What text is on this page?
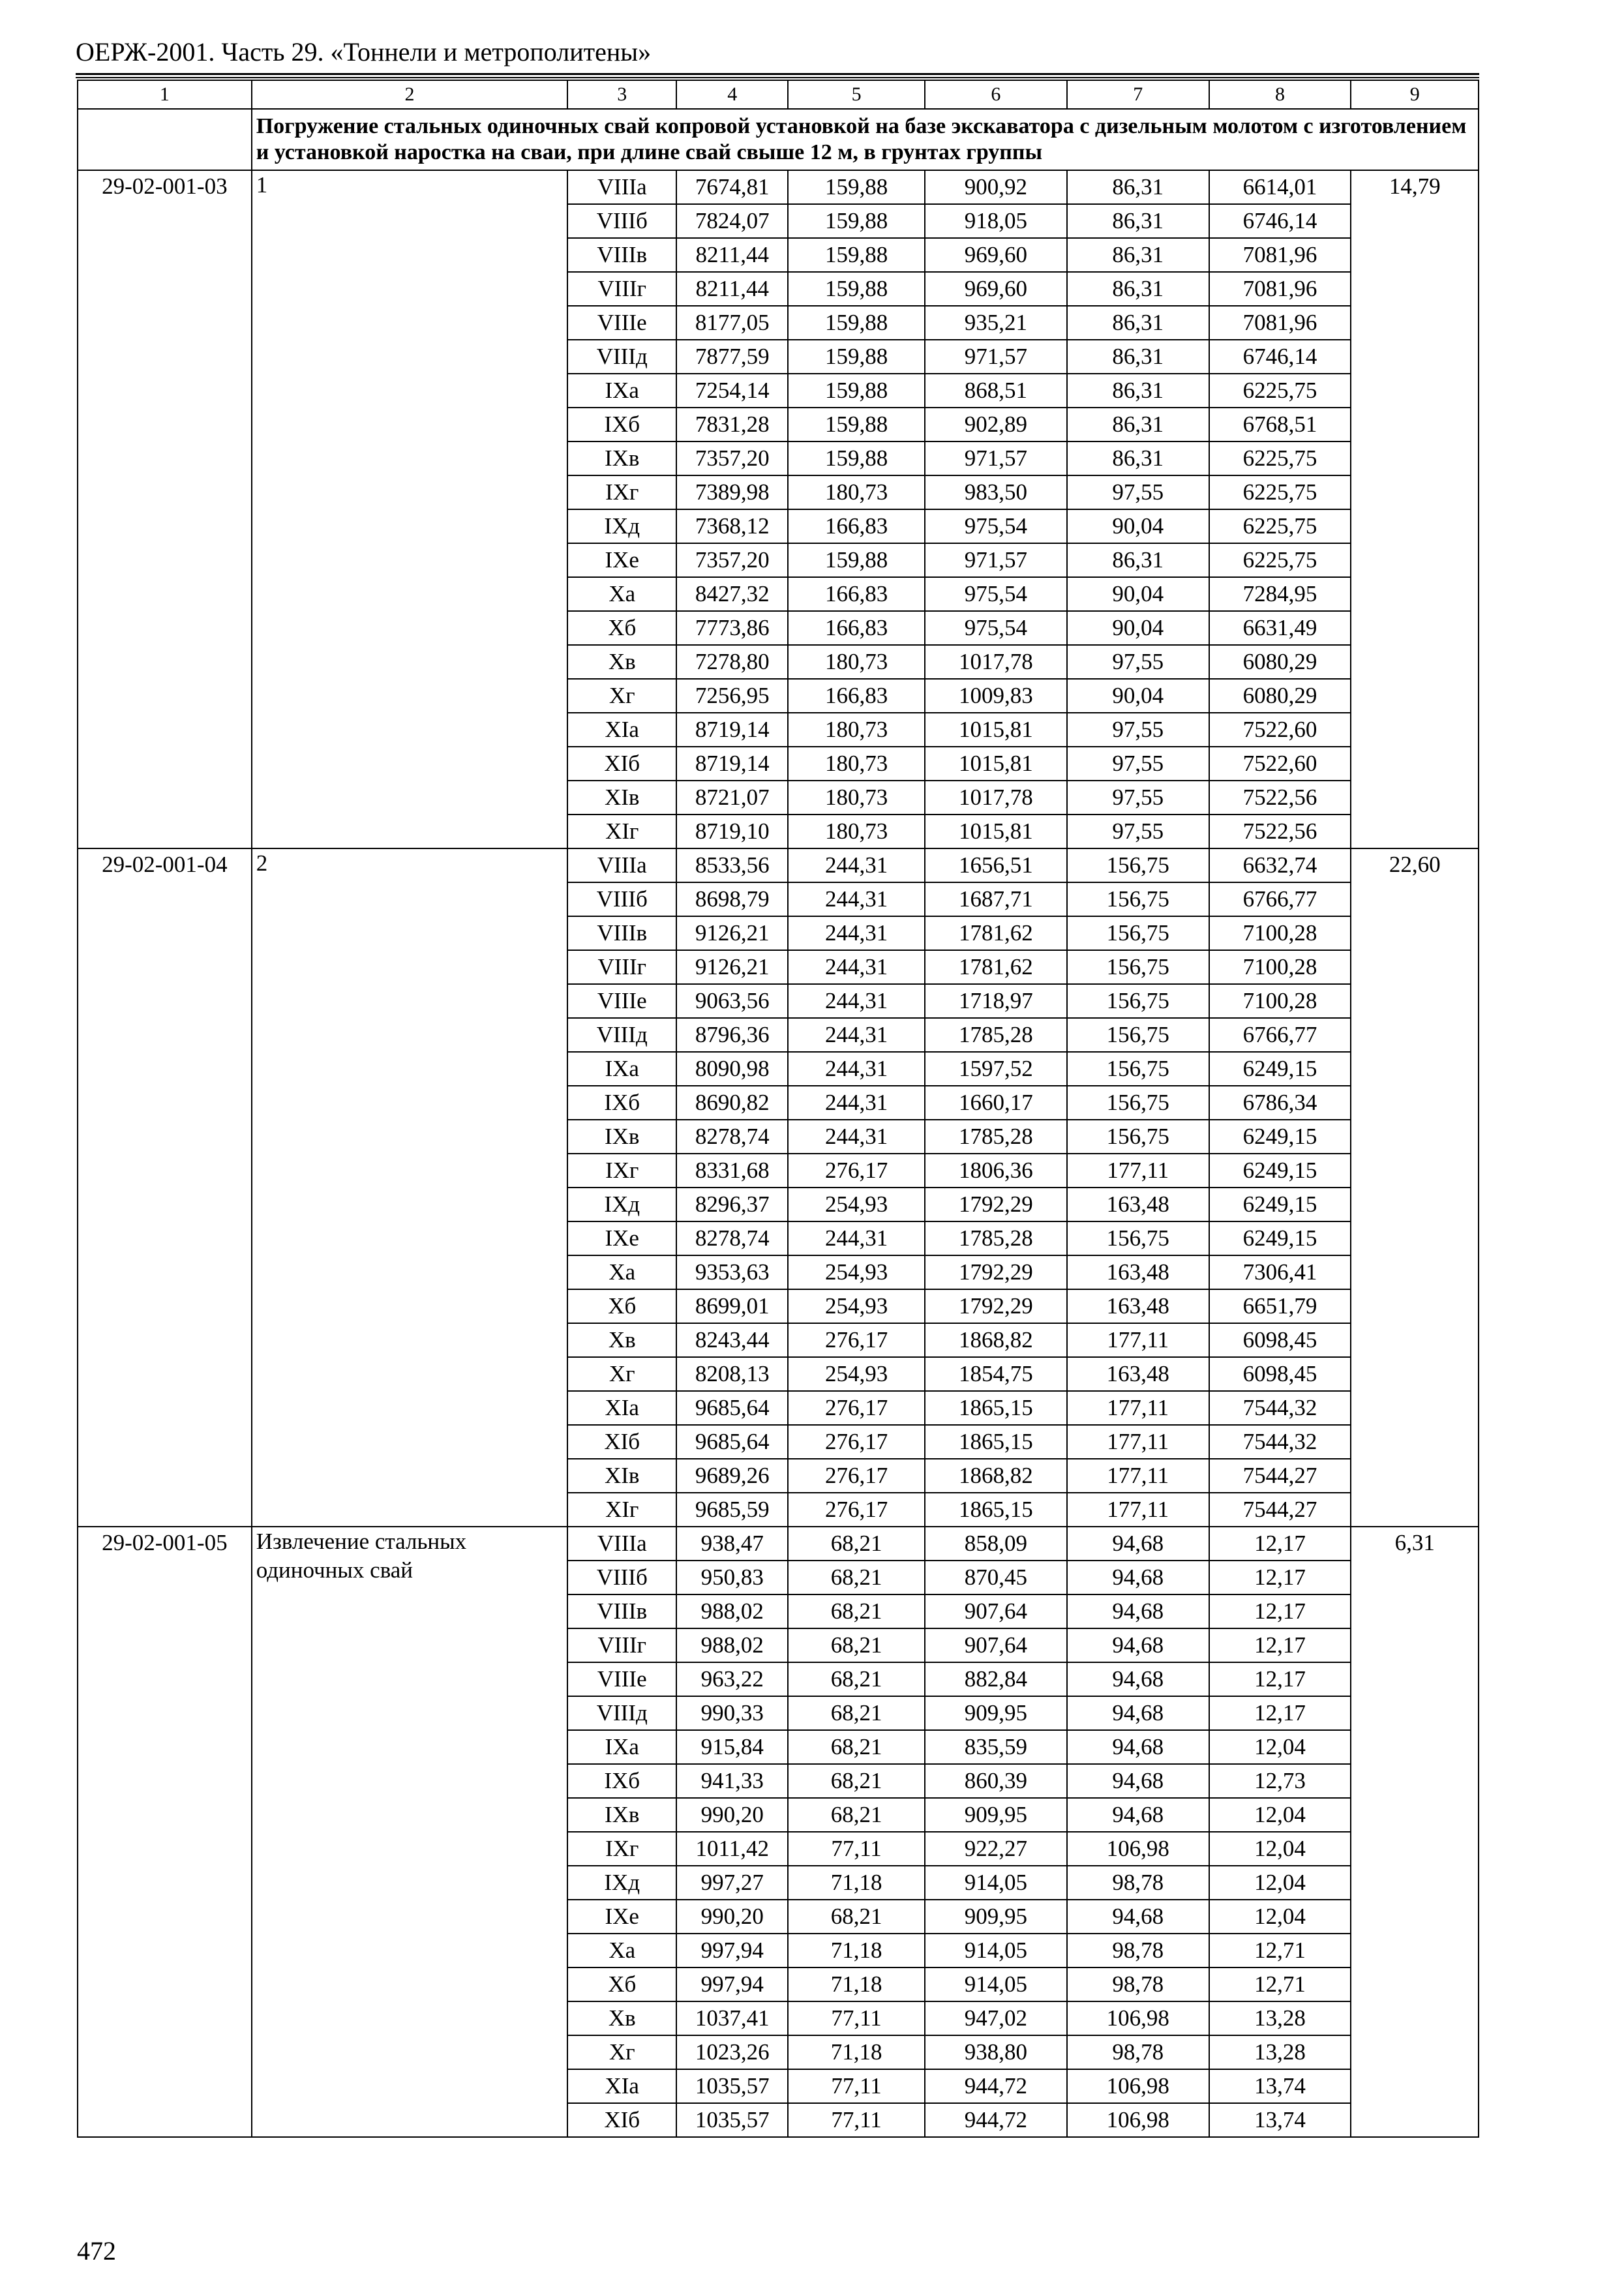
ОЕРЖ-2001. Часть 29. «Тоннели и метрополитены»
1	2	3	4	5	6	7	8	9
	Погружение стальных одиночных свай копровой установкой на базе экскаватора с дизельным молотом с изготовлением и установкой наростка на сваи, при длине свай свыше 12 м, в грунтах группы							
29-02-001-03	1	VIIIа	7674,81	159,88	900,92	86,31	6614,01	14,79
		VIIIб	7824,07	159,88	918,05	86,31	6746,14	
		VIIIв	8211,44	159,88	969,60	86,31	7081,96	
		VIIIг	8211,44	159,88	969,60	86,31	7081,96	
		VIIIе	8177,05	159,88	935,21	86,31	7081,96	
		VIIIд	7877,59	159,88	971,57	86,31	6746,14	
		IXа	7254,14	159,88	868,51	86,31	6225,75	
		IXб	7831,28	159,88	902,89	86,31	6768,51	
		IXв	7357,20	159,88	971,57	86,31	6225,75	
		IXг	7389,98	180,73	983,50	97,55	6225,75	
		IXд	7368,12	166,83	975,54	90,04	6225,75	
		IXе	7357,20	159,88	971,57	86,31	6225,75	
		Xа	8427,32	166,83	975,54	90,04	7284,95	
		Xб	7773,86	166,83	975,54	90,04	6631,49	
		Xв	7278,80	180,73	1017,78	97,55	6080,29	
		Xг	7256,95	166,83	1009,83	90,04	6080,29	
		XIа	8719,14	180,73	1015,81	97,55	7522,60	
		XIб	8719,14	180,73	1015,81	97,55	7522,60	
		XIв	8721,07	180,73	1017,78	97,55	7522,56	
		XIг	8719,10	180,73	1015,81	97,55	7522,56	
29-02-001-04	2	VIIIа	8533,56	244,31	1656,51	156,75	6632,74	22,60
		VIIIб	8698,79	244,31	1687,71	156,75	6766,77	
		VIIIв	9126,21	244,31	1781,62	156,75	7100,28	
		VIIIг	9126,21	244,31	1781,62	156,75	7100,28	
		VIIIе	9063,56	244,31	1718,97	156,75	7100,28	
		VIIIд	8796,36	244,31	1785,28	156,75	6766,77	
		IXа	8090,98	244,31	1597,52	156,75	6249,15	
		IXб	8690,82	244,31	1660,17	156,75	6786,34	
		IXв	8278,74	244,31	1785,28	156,75	6249,15	
		IXг	8331,68	276,17	1806,36	177,11	6249,15	
		IXд	8296,37	254,93	1792,29	163,48	6249,15	
		IXе	8278,74	244,31	1785,28	156,75	6249,15	
		Xа	9353,63	254,93	1792,29	163,48	7306,41	
		Xб	8699,01	254,93	1792,29	163,48	6651,79	
		Xв	8243,44	276,17	1868,82	177,11	6098,45	
		Xг	8208,13	254,93	1854,75	163,48	6098,45	
		XIа	9685,64	276,17	1865,15	177,11	7544,32	
		XIб	9685,64	276,17	1865,15	177,11	7544,32	
		XIв	9689,26	276,17	1868,82	177,11	7544,27	
		XIг	9685,59	276,17	1865,15	177,11	7544,27	
29-02-001-05	Извлечение стальных одиночных свай	VIIIа	938,47	68,21	858,09	94,68	12,17	6,31
		VIIIб	950,83	68,21	870,45	94,68	12,17	
		VIIIв	988,02	68,21	907,64	94,68	12,17	
		VIIIг	988,02	68,21	907,64	94,68	12,17	
		VIIIе	963,22	68,21	882,84	94,68	12,17	
		VIIIд	990,33	68,21	909,95	94,68	12,17	
		IXа	915,84	68,21	835,59	94,68	12,04	
		IXб	941,33	68,21	860,39	94,68	12,73	
		IXв	990,20	68,21	909,95	94,68	12,04	
		IXг	1011,42	77,11	922,27	106,98	12,04	
		IXд	997,27	71,18	914,05	98,78	12,04	
		IXе	990,20	68,21	909,95	94,68	12,04	
		Xа	997,94	71,18	914,05	98,78	12,71	
		Xб	997,94	71,18	914,05	98,78	12,71	
		Xв	1037,41	77,11	947,02	106,98	13,28	
		Xг	1023,26	71,18	938,80	98,78	13,28	
		XIа	1035,57	77,11	944,72	106,98	13,74	
		XIб	1035,57	77,11	944,72	106,98	13,74	
472
